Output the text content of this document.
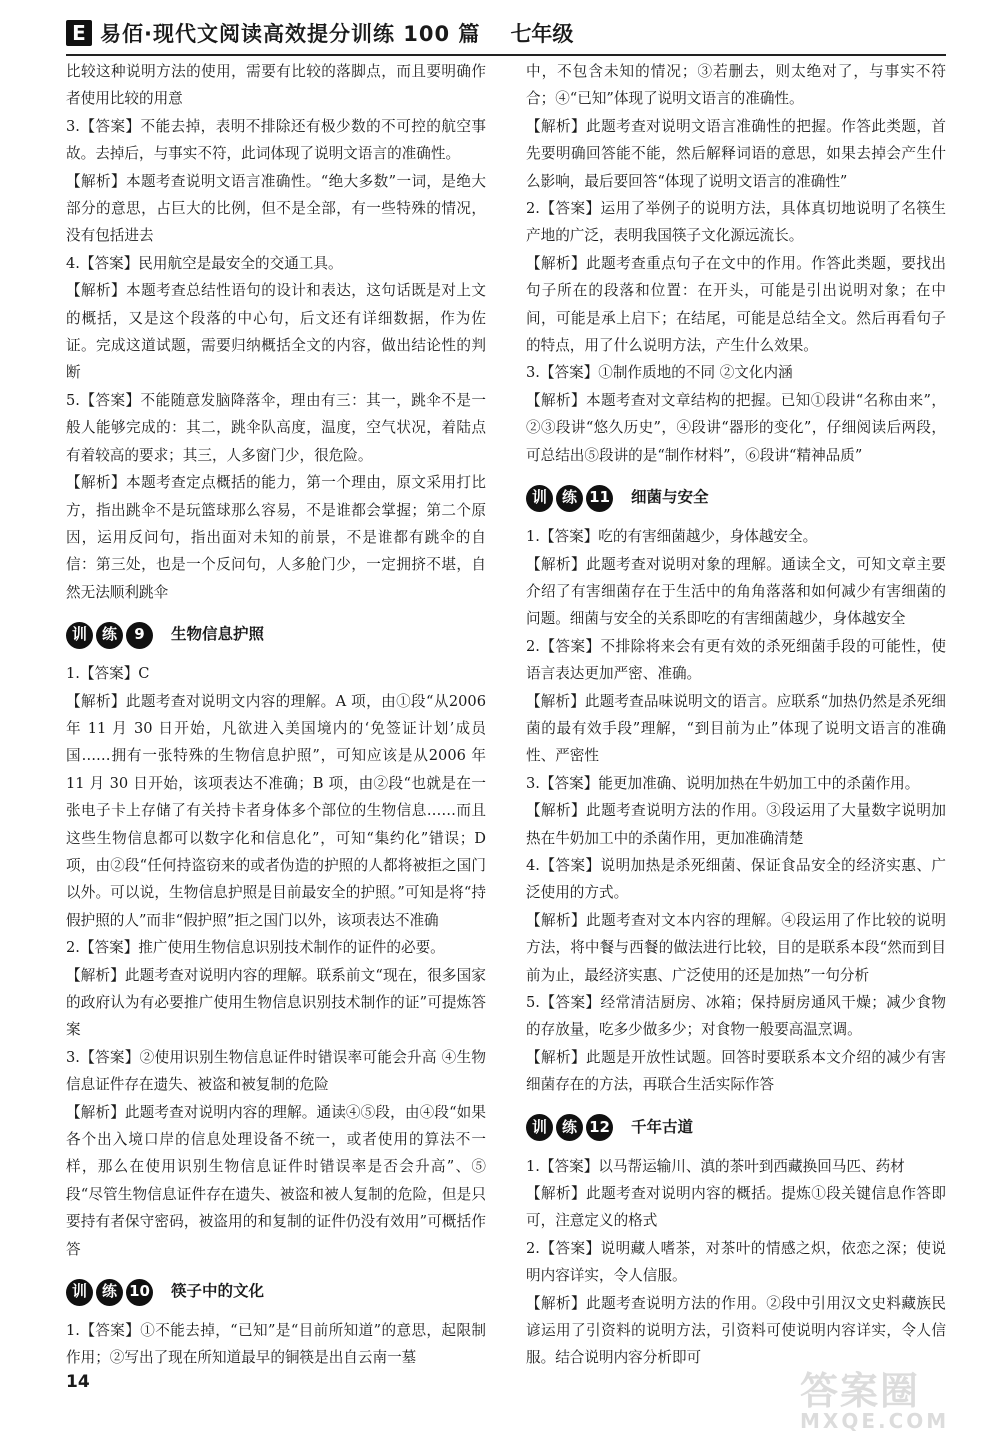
E 易佰·现代文阅读高效提分训练 100 篇 七年级

比较这种说明方法的使用，需要有比较的落脚点，而且要明确作者使用比较的用意

3.【答案】不能去掉，表明不排除还有极少数的不可控的航空事故。去掉后，与事实不符，此词体现了说明文语言的准确性。

【解析】本题考查说明文语言准确性。“绝大多数”一词，是绝大部分的意思，占巨大的比例，但不是全部，有一些特殊的情况，没有包括进去

4.【答案】民用航空是最安全的交通工具。

【解析】本题考查总结性语句的设计和表达，这句话既是对上文的概括，又是这个段落的中心句，后文还有详细数据，作为佐证。完成这道试题，需要归纳概括全文的内容，做出结论性的判断

5.【答案】不能随意发脑降落伞，理由有三：其一，跳伞不是一般人能够完成的：其二，跳伞队高度，温度，空气状况，着陆点有着较高的要求；其三，人多窗门少，很危险。

【解析】本题考查定点概括的能力，第一个理由，原文采用打比方，指出跳伞不是玩篮球那么容易，不是谁都会掌握；第二个原因，运用反问句，指出面对未知的前景，不是谁都有跳伞的自信：第三处，也是一个反问句，人多舱门少，一定拥挤不堪，自然无法顺利跳伞

训 练	9	生物信息护照

1.【答案】C

【解析】此题考查对说明文内容的理解。A 项，由①段“从2006 年 11 月 30 日开始，凡欲进入美国境内的‘免签证计划’成员国……拥有一张特殊的生物信息护照”，可知应该是从2006 年 11 月 30 日开始，该项表达不准确；B 项，由②段“也就是在一张电子卡上存储了有关持卡者身体多个部位的生物信息……而且这些生物信息都可以数字化和信息化”，可知“集约化”错误；D 项，由②段“任何持盗窃来的或者伪造的护照的人都将被拒之国门以外。可以说，生物信息护照是目前最安全的护照。”可知是将“持假护照的人”而非“假护照”拒之国门以外，该项表达不准确

2.【答案】推广使用生物信息识别技术制作的证件的必要。

【解析】此题考查对说明内容的理解。联系前文“现在，很多国家的政府认为有必要推广使用生物信息识别技术制作的证”可提炼答案

3.【答案】②使用识别生物信息证件时错误率可能会升高 ④生物信息证件存在遗失、被盗和被复制的危险

【解析】此题考查对说明内容的理解。通读④⑤段，由④段“如果各个出入境口岸的信息处理设备不统一，或者使用的算法不一样，那么在使用识别生物信息证件时错误率是否会升高”、⑤段“尽管生物信息证件存在遗失、被盗和被人复制的危险，但是只要持有者保守密码，被盗用的和复制的证件仍没有效用”可概括作答

训 练 10 筷子中的文化

1.【答案】①不能去掉，“已知”是“目前所知道”的意思，起限制作用；②写出了现在所知道最早的铜筷是出自云南一墓

中，不包含未知的情况；③若删去，则太绝对了，与事实不符合；④“已知”体现了说明文语言的准确性。

【解析】此题考查对说明文语言准确性的把握。作答此类题，首先要明确回答能不能，然后解释词语的意思，如果去掉会产生什么影响，最后要回答“体现了说明文语言的准确性”

2.【答案】运用了举例子的说明方法，具体真切地说明了名筷生产地的广泛，表明我国筷子文化源远流长。

【解析】此题考查重点句子在文中的作用。作答此类题，要找出句子所在的段落和位置：在开头，可能是引出说明对象；在中间，可能是承上启下；在结尾，可能是总结全文。然后再看句子的特点，用了什么说明方法，产生什么效果。

3.【答案】①制作质地的不同 ②文化内涵

【解析】本题考查对文章结构的把握。已知①段讲“名称由来”，②③段讲“悠久历史”，④段讲“器形的变化”，仔细阅读后两段，可总结出⑤段讲的是“制作材料”，⑥段讲“精神品质”

训 练 11 细菌与安全

1.【答案】吃的有害细菌越少，身体越安全。

【解析】此题考查对说明对象的理解。通读全文，可知文章主要介绍了有害细菌存在于生活中的角角落落和如何减少有害细菌的问题。细菌与安全的关系即吃的有害细菌越少，身体越安全

2.【答案】不排除将来会有更有效的杀死细菌手段的可能性，使语言表达更加严密、准确。

【解析】此题考查品味说明文的语言。应联系“加热仍然是杀死细菌的最有效手段”理解，“到目前为止”体现了说明文语言的准确性、严密性

3.【答案】能更加准确、说明加热在牛奶加工中的杀菌作用。

【解析】此题考查说明方法的作用。③段运用了大量数字说明加热在牛奶加工中的杀菌作用，更加准确清楚

4.【答案】说明加热是杀死细菌、保证食品安全的经济实惠、广泛使用的方式。

【解析】此题考查对文本内容的理解。④段运用了作比较的说明方法，将中餐与西餐的做法进行比较，目的是联系本段“然而到目前为止，最经济实惠、广泛使用的还是加热”一句分析

5.【答案】经常清洁厨房、冰箱；保持厨房通风干燥；减少食物的存放量，吃多少做多少；对食物一般要高温烹调。

【解析】此题是开放性试题。回答时要联系本文介绍的减少有害细菌存在的方法，再联合生活实际作答

训 练 12 千年古道

1.【答案】以马帮运输川、滇的茶叶到西藏换回马匹、药材

【解析】此题考查对说明内容的概括。提炼①段关键信息作答即可，注意定义的格式

2.【答案】说明藏人嗜茶，对茶叶的情感之炽，依恋之深；使说明内容详实，令人信服。

【解析】此题考查说明方法的作用。②段中引用汉文史料藏族民谚运用了引资料的说明方法，引资料可使说明内容详实，令人信服。结合说明内容分析即可

14	答案圈
MXQE.COM
